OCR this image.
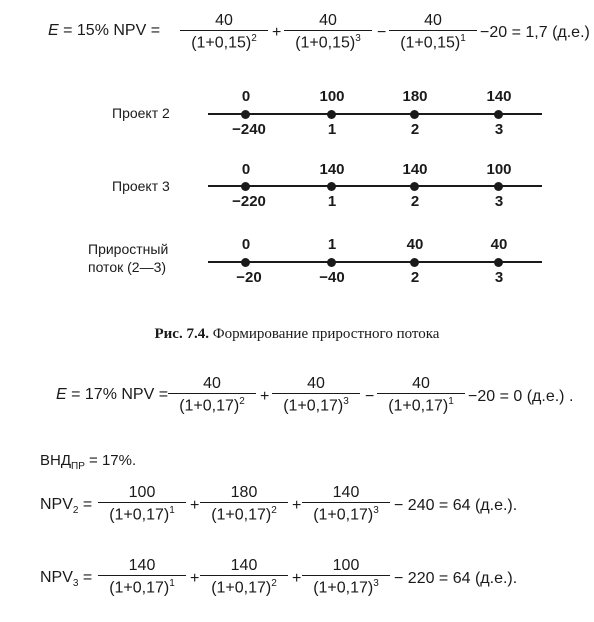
E = 15% NPV = $\frac{40}{(1+0,15)^2} + \frac{40}{(1+0,15)^3} - \frac{40}{(1+0,15)^1} -20 = 1,7$ (д.е.)
Проект 2
0	100	180	140
−240	1	2	3
Проект 3
0	140	140	100
−220	1	2	3
Приростный
поток (2—3)
0	1	40	40
−20	−40	2	3
Рис. 7.4. Формирование приростного потока
E = 17% NPV = $\frac{40}{(1+0,17)^2} + \frac{40}{(1+0,17)^3} - \frac{40}{(1+0,17)^1} -20 = 0$ (д.е.) .
$ВНД_{ПР} = 17\%$.
$NPV_2 = \frac{100}{(1+0,17)^1} + \frac{180}{(1+0,17)^2} + \frac{140}{(1+0,17)^3} - 240 = 64$ (д.е.).
$NPV_3 = \frac{140}{(1+0,17)^1} + \frac{140}{(1+0,17)^2} + \frac{100}{(1+0,17)^3} - 220 = 64$ (д.е.).
